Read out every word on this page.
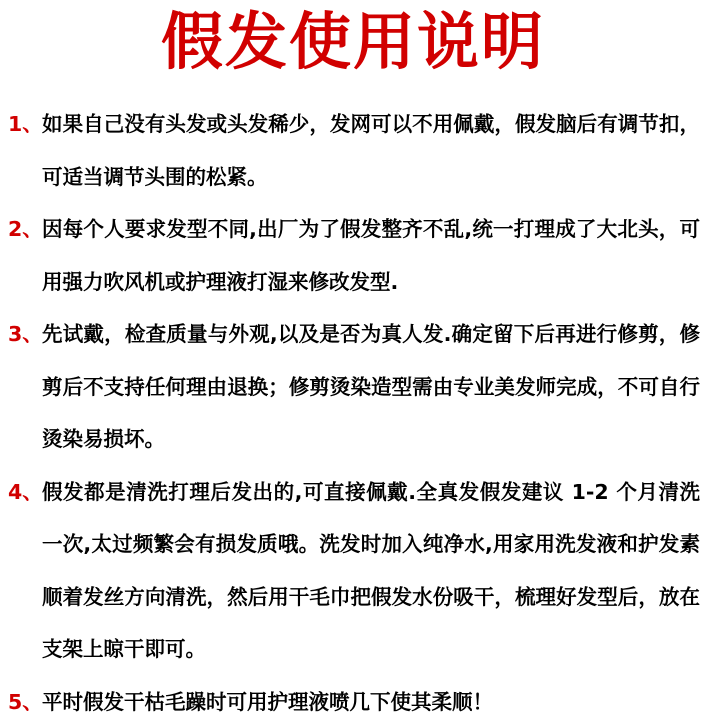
假发使用说明
1、 如果自己没有头发或头发稀少，发网可以不用佩戴，假发脑后有调节扣，可适当调节头围的松紧。
2、 因每个人要求发型不同,出厂为了假发整齐不乱,统一打理成了大北头，可用强力吹风机或护理液打湿来修改发型.
3、 先试戴，检查质量与外观,以及是否为真人发.确定留下后再进行修剪，修剪后不支持任何理由退换；修剪烫染造型需由专业美发师完成，不可自行烫染易损坏。
4、 假发都是清洗打理后发出的,可直接佩戴.全真发假发建议 1-2 个月清洗一次,太过频繁会有损发质哦。洗发时加入纯净水,用家用洗发液和护发素顺着发丝方向清洗，然后用干毛巾把假发水份吸干，梳理好发型后，放在支架上晾干即可。
5、 平时假发干枯毛躁时可用护理液喷几下使其柔顺！
